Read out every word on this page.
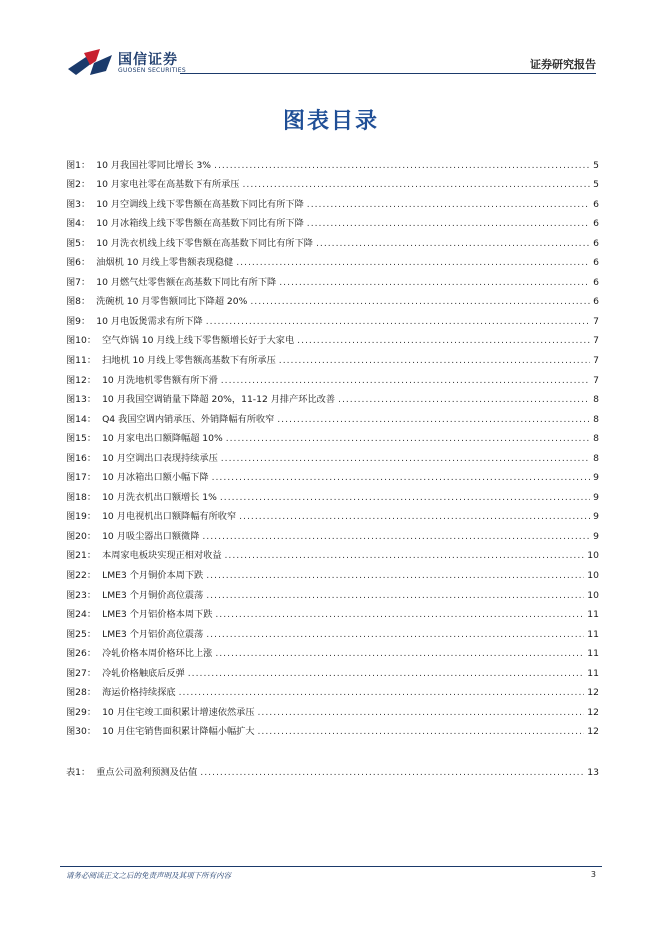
国信证券
GUOSEN SECURITIES	证券研究报告
图表目录
图1： 10 月我国社零同比增长 3% .....	5
图2： 10 月家电社零在高基数下有所承压 .....	5
图3： 10 月空调线上线下零售额在高基数下同比有所下降 .....	6
图4： 10 月冰箱线上线下零售额在高基数下同比有所下降 .....	6
图5： 10 月洗衣机线上线下零售额在高基数下同比有所下降 .....	6
图6： 油烟机 10 月线上零售额表现稳健 .....	6
图7： 10 月燃气灶零售额在高基数下同比有所下降 .....	6
图8： 洗碗机 10 月零售额同比下降超 20% .....	6
图9： 10 月电饭煲需求有所下降 .....	7
图10： 空气炸锅 10 月线上线下零售额增长好于大家电 .....	7
图11： 扫地机 10 月线上零售额高基数下有所承压 .....	7
图12： 10 月洗地机零售额有所下滑 .....	7
图13： 10 月我国空调销量下降超 20%，11-12 月排产环比改善 .....	8
图14： Q4 我国空调内销承压、外销降幅有所收窄 .....	8
图15： 10 月家电出口额降幅超 10% .....	8
图16： 10 月空调出口表现持续承压 .....	8
图17： 10 月冰箱出口额小幅下降 .....	9
图18： 10 月洗衣机出口额增长 1% .....	9
图19： 10 月电视机出口额降幅有所收窄 .....	9
图20： 10 月吸尘器出口额微降 .....	9
图21： 本周家电板块实现正相对收益 .....	10
图22： LME3 个月铜价本周下跌 .....	10
图23： LME3 个月铜价高位震荡 .....	10
图24： LME3 个月铝价格本周下跌 .....	11
图25： LME3 个月铝价高位震荡 .....	11
图26： 冷轧价格本周价格环比上涨 .....	11
图27： 冷轧价格触底后反弹 .....	11
图28： 海运价格持续探底 .....	12
图29： 10 月住宅竣工面积累计增速依然承压 .....	12
图30： 10 月住宅销售面积累计降幅小幅扩大 .....	12
表1： 重点公司盈利预测及估值 .....	13
请务必阅读正文之后的免责声明及其项下所有内容	3
